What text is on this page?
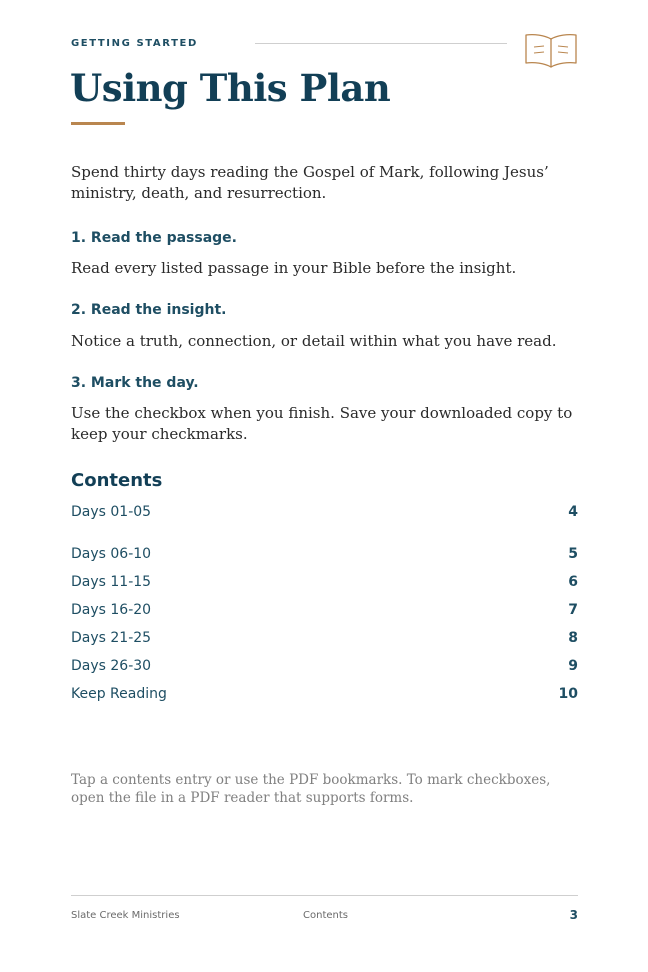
GETTING STARTED
Using This Plan

Spend thirty days reading the Gospel of Mark, following Jesus’ ministry, death, and resurrection.

1. Read the passage.

Read every listed passage in your Bible before the insight.

2. Read the insight.

Notice a truth, connection, or detail within what you have read.

3. Mark the day.

Use the checkbox when you finish. Save your downloaded copy to keep your checkmarks.

Contents
Days 01-05	4
Days 06-10	5
Days 11-15	6
Days 16-20	7
Days 21-25	8
Days 26-30	9
Keep Reading	10

Tap a contents entry or use the PDF bookmarks. To mark checkboxes, open the file in a PDF reader that supports forms.

Slate Creek Ministries	Contents	3
